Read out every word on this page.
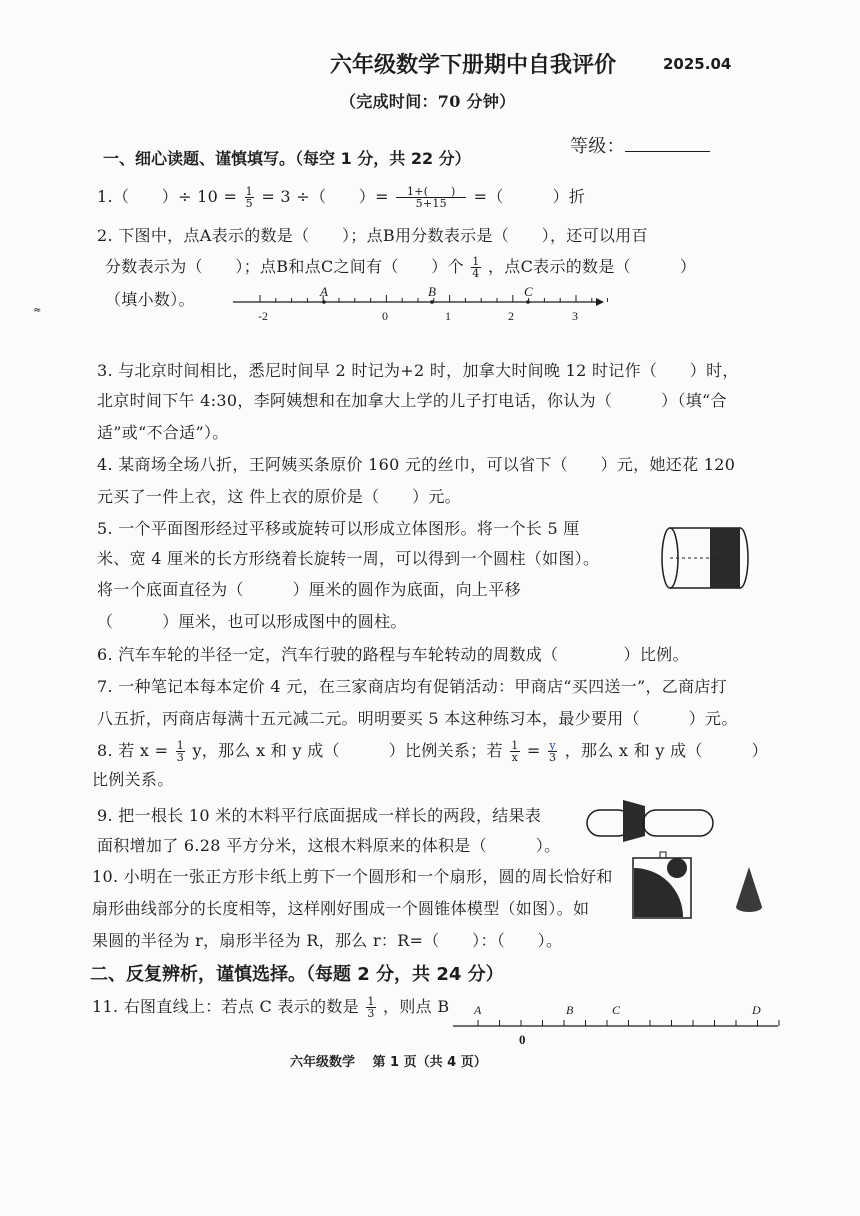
六年级数学下册期中自我评价	2025.04
（完成时间：70 分钟）
一、细心读题、谨慎填写。（每空 1 分，共 22 分）
等级：
1.（　　）÷ $10 = \frac{1}{5} = 3$ ÷（　　）= $\frac{1+( )}{5+15}$ =（　　　）折
2. 下图中，点A表示的数是（　　）；点B用分数表示是（　　），还可以用百
分数表示为（　　）；点B和点C之间有（　　）个 $\frac{1}{4}$ ，点C表示的数是（　　　）
（填小数）。	A	B	C
-2	0	1	2	3
3. 与北京时间相比，悉尼时间早 2 时记为+2 时，加拿大时间晚 12 时记作（　　）时，
北京时间下午 4:30，李阿姨想和在加拿大上学的儿子打电话，你认为（　　　）（填“合
适”或“不合适”）。
4. 某商场全场八折，王阿姨买条原价 160 元的丝巾，可以省下（　　）元，她还花 120
元买了一件上衣，这 件上衣的原价是（　　）元。
5. 一个平面图形经过平移或旋转可以形成立体图形。将一个长 5 厘
米、宽 4 厘米的长方形绕着长旋转一周，可以得到一个圆柱（如图）。
将一个底面直径为（　　　）厘米的圆作为底面，向上平移
（　　　）厘米，也可以形成图中的圆柱。
6. 汽车车轮的半径一定，汽车行驶的路程与车轮转动的周数成（　　　　）比例。
7. 一种笔记本每本定价 4 元，在三家商店均有促销活动：甲商店“买四送一”，乙商店打
八五折，丙商店每满十五元减二元。明明要买 5 本这种练习本，最少要用（　　　）元。
8. 若 $x = \frac{1}{3}$ y，那么 x 和 y 成（　　　）比例关系；若 $\frac{1}{x} = \frac{y}{3}$ ，那么 x 和 y 成（　　　）
比例关系。
9. 把一根长 10 米的木料平行底面据成一样长的两段，结果表
面积增加了 6.28 平方分米，这根木料原来的体积是（　　　）。
10. 小明在一张正方形卡纸上剪下一个圆形和一个扇形，圆的周长恰好和
扇形曲线部分的长度相等，这样刚好围成一个圆锥体模型（如图）。如
果圆的半径为 r，扇形半径为 R，那么 r：R=（　　）：（　　）。
二、反复辨析，谨慎选择。（每题 2 分，共 24 分）
11. 右图直线上：若点 C 表示的数是 $\frac{1}{3}$ ，则点 B A	B	C	D
0
六年级数学　 第 1 页（共 4 页）
≈
